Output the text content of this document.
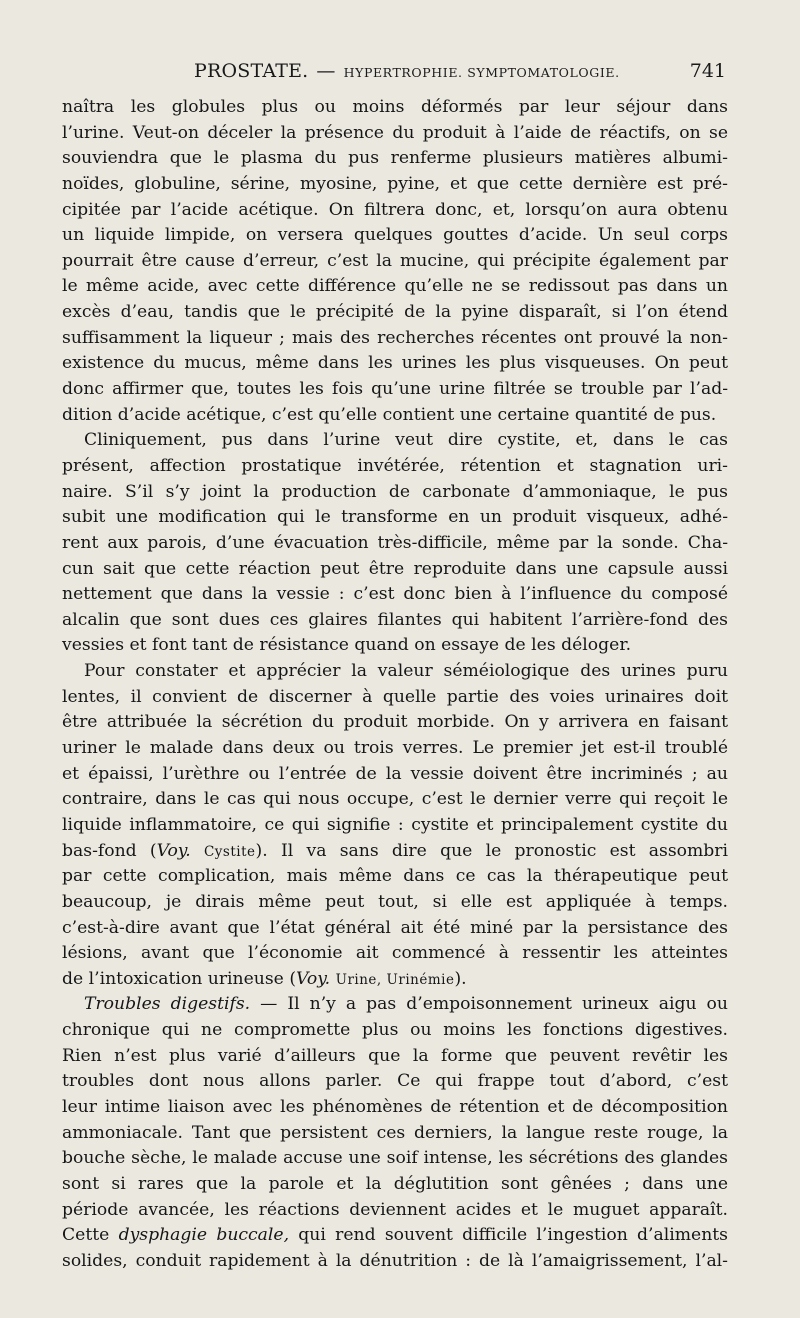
PROSTATE. — HYPERTROPHIE. SYMPTOMATOLOGIE.	741
naîtra les globules plus ou moins déformés par leur séjour dans
l’urine. Veut-on déceler la présence du produit à l’aide de réactifs, on se
souviendra que le plasma du pus renferme plusieurs matières albumi-
noïdes, globuline, sérine, myosine, pyine, et que cette dernière est pré-
cipitée par l’acide acétique. On filtrera donc, et, lorsqu’on aura obtenu
un liquide limpide, on versera quelques gouttes d’acide. Un seul corps
pourrait être cause d’erreur, c’est la mucine, qui précipite également par
le même acide, avec cette différence qu’elle ne se redissout pas dans un
excès d’eau, tandis que le précipité de la pyine disparaît, si l’on étend
suffisamment la liqueur ; mais des recherches récentes ont prouvé la non-
existence du mucus, même dans les urines les plus visqueuses. On peut
donc affirmer que, toutes les fois qu’une urine filtrée se trouble par l’ad-
dition d’acide acétique, c’est qu’elle contient une certaine quantité de pus.
Cliniquement, pus dans l’urine veut dire cystite, et, dans le cas
présent, affection prostatique invétérée, rétention et stagnation uri-
naire. S’il s’y joint la production de carbonate d’ammoniaque, le pus
subit une modification qui le transforme en un produit visqueux, adhé-
rent aux parois, d’une évacuation très-difficile, même par la sonde. Cha-
cun sait que cette réaction peut être reproduite dans une capsule aussi
nettement que dans la vessie : c’est donc bien à l’influence du composé
alcalin que sont dues ces glaires filantes qui habitent l’arrière-fond des
vessies et font tant de résistance quand on essaye de les déloger.
Pour constater et apprécier la valeur séméiologique des urines puru
lentes, il convient de discerner à quelle partie des voies urinaires doit
être attribuée la sécrétion du produit morbide. On y arrivera en faisant
uriner le malade dans deux ou trois verres. Le premier jet est-il troublé
et épaissi, l’urèthre ou l’entrée de la vessie doivent être incriminés ; au
contraire, dans le cas qui nous occupe, c’est le dernier verre qui reçoit le
liquide inflammatoire, ce qui signifie : cystite et principalement cystite du
bas-fond (Voy. Cystite). Il va sans dire que le pronostic est assombri
par cette complication, mais même dans ce cas la thérapeutique peut
beaucoup, je dirais même peut tout, si elle est appliquée à temps.
c’est-à-dire avant que l’état général ait été miné par la persistance des
lésions, avant que l’économie ait commencé à ressentir les atteintes
de l’intoxication urineuse (Voy. Urine, Urinémie).
Troubles digestifs. — Il n’y a pas d’empoisonnement urineux aigu ou
chronique qui ne compromette plus ou moins les fonctions digestives.
Rien n’est plus varié d’ailleurs que la forme que peuvent revêtir les
troubles dont nous allons parler. Ce qui frappe tout d’abord, c’est
leur intime liaison avec les phénomènes de rétention et de décomposition
ammoniacale. Tant que persistent ces derniers, la langue reste rouge, la
bouche sèche, le malade accuse une soif intense, les sécrétions des glandes
sont si rares que la parole et la déglutition sont gênées ; dans une
période avancée, les réactions deviennent acides et le muguet apparaît.
Cette dysphagie buccale, qui rend souvent difficile l’ingestion d’aliments
solides, conduit rapidement à la dénutrition : de là l’amaigrissement, l’al-
